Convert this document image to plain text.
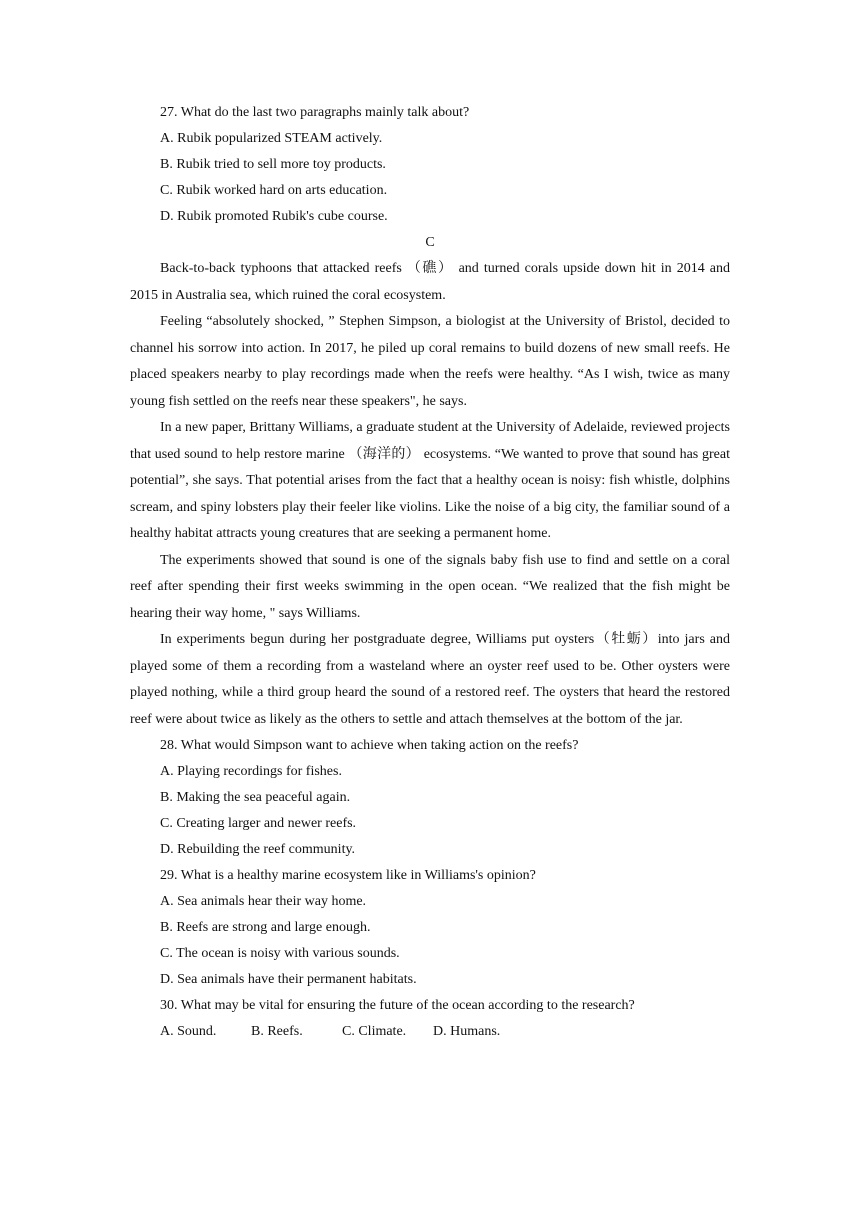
27. What do the last two paragraphs mainly talk about?

A. Rubik popularized STEAM actively.

B. Rubik tried to sell more toy products.

C. Rubik worked hard on arts education.

D. Rubik promoted Rubik's cube course.

C

Back-to-back typhoons that attacked reefs （礁） and turned corals upside down hit in 2014 and 2015 in Australia sea, which ruined the coral ecosystem.

Feeling “absolutely shocked, ” Stephen Simpson, a biologist at the University of Bristol, decided to channel his sorrow into action. In 2017, he piled up coral remains to build dozens of new small reefs. He placed speakers nearby to play recordings made when the reefs were healthy. “As I wish, twice as many young fish settled on the reefs near these speakers", he says.

In a new paper, Brittany Williams, a graduate student at the University of Adelaide, reviewed projects that used sound to help restore marine （海洋的） ecosystems. “We wanted to prove that sound has great potential”, she says. That potential arises from the fact that a healthy ocean is noisy: fish whistle, dolphins scream, and spiny lobsters play their feeler like violins. Like the noise of a big city, the familiar sound of a healthy habitat attracts young creatures that are seeking a permanent home.

The experiments showed that sound is one of the signals baby fish use to find and settle on a coral reef after spending their first weeks swimming in the open ocean. “We realized that the fish might be hearing their way home, " says Williams.

In experiments begun during her postgraduate degree, Williams put oysters（牡蛎）into jars and played some of them a recording from a wasteland where an oyster reef used to be. Other oysters were played nothing, while a third group heard the sound of a restored reef. The oysters that heard the restored reef were about twice as likely as the others to settle and attach themselves at the bottom of the jar.

28. What would Simpson want to achieve when taking action on the reefs?

A. Playing recordings for fishes.

B. Making the sea peaceful again.

C. Creating larger and newer reefs.

D. Rebuilding the reef community.

29. What is a healthy marine ecosystem like in Williams's opinion?

A. Sea animals hear their way home.

B. Reefs are strong and large enough.

C. The ocean is noisy with various sounds.

D. Sea animals have their permanent habitats.

30. What may be vital for ensuring the future of the ocean according to the research?

A. Sound.	B. Reefs.	C. Climate.	D. Humans.
